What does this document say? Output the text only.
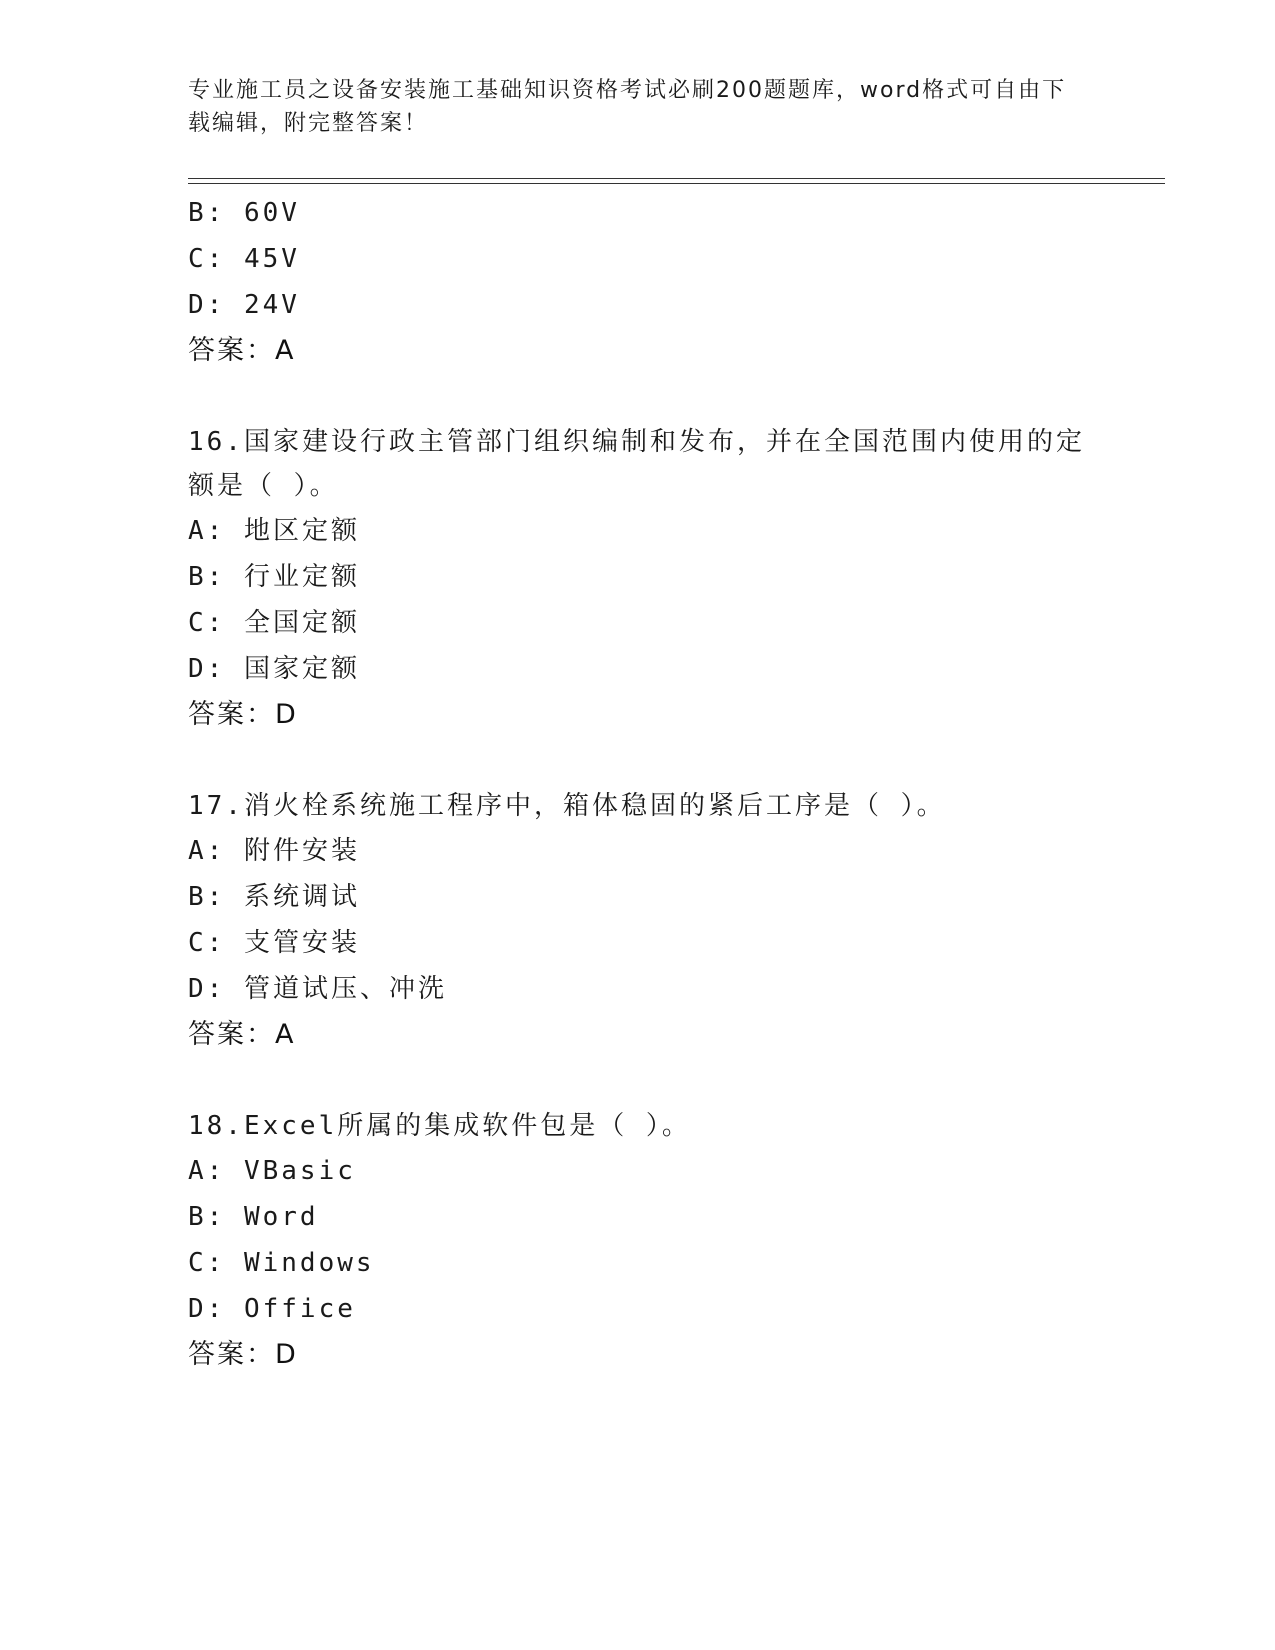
专业施工员之设备安装施工基础知识资格考试必刷200题题库，word格式可自由下载编辑，附完整答案！
B: 60V
C: 45V
D: 24V
答案：A
16.国家建设行政主管部门组织编制和发布，并在全国范围内使用的定额是（ ）。
A: 地区定额
B: 行业定额
C: 全国定额
D: 国家定额
答案：D
17.消火栓系统施工程序中，箱体稳固的紧后工序是（ ）。
A: 附件安装
B: 系统调试
C: 支管安装
D: 管道试压、冲洗
答案：A
18.Excel所属的集成软件包是（ ）。
A: VBasic
B: Word
C: Windows
D: Office
答案：D
